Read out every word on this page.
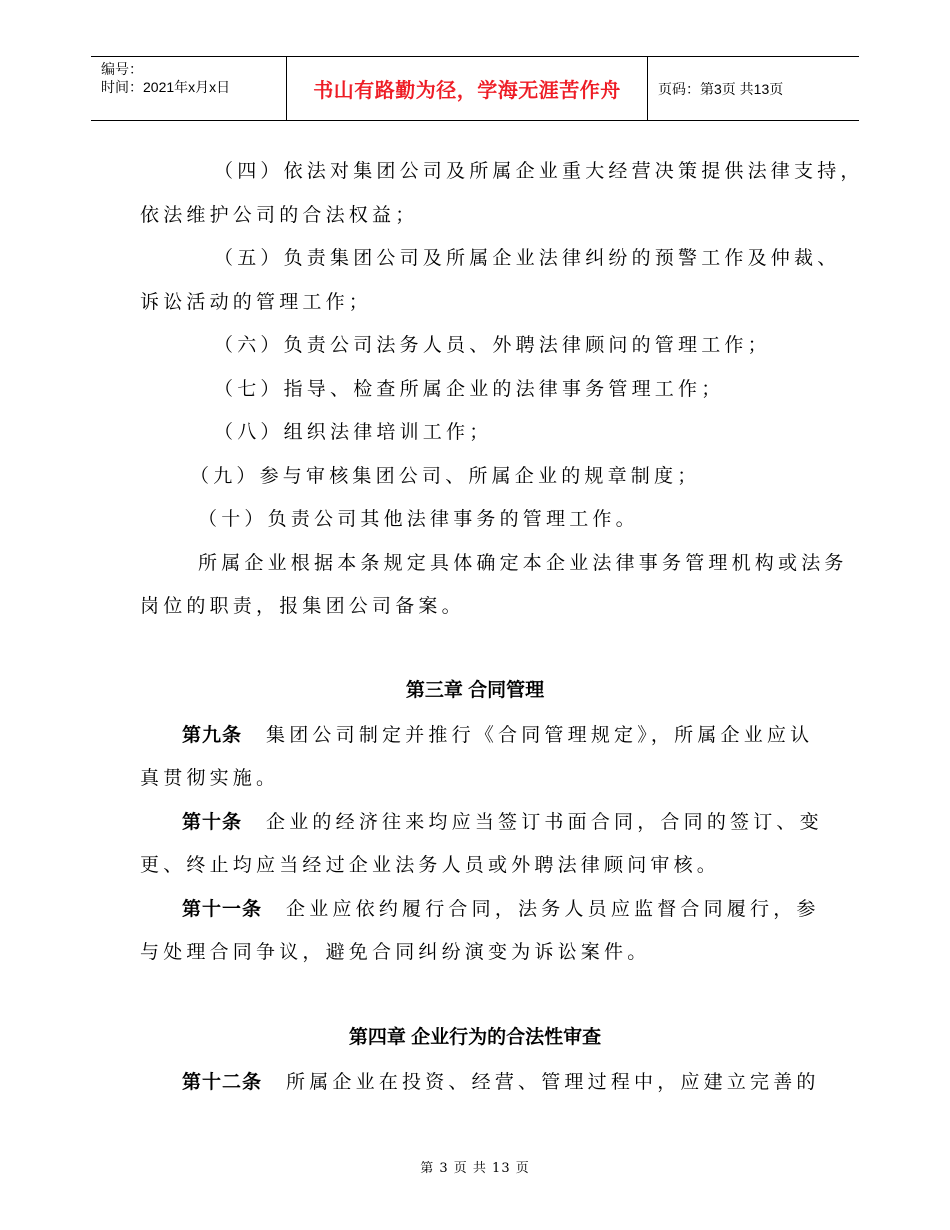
编号：
时间：2021年x月x日	书山有路勤为径，学海无涯苦作舟	页码：第3页 共13页
（四）依法对集团公司及所属企业重大经营决策提供法律支持，
依法维护公司的合法权益；
（五）负责集团公司及所属企业法律纠纷的预警工作及仲裁、
诉讼活动的管理工作；
（六）负责公司法务人员、外聘法律顾问的管理工作；
（七）指导、检查所属企业的法律事务管理工作；
（八）组织法律培训工作；
（九）参与审核集团公司、所属企业的规章制度；
（十）负责公司其他法律事务的管理工作。
所属企业根据本条规定具体确定本企业法律事务管理机构或法务
岗位的职责，报集团公司备案。
第三章 合同管理
第九条 集团公司制定并推行《合同管理规定》，所属企业应认
真贯彻实施。
第十条 企业的经济往来均应当签订书面合同，合同的签订、变
更、终止均应当经过企业法务人员或外聘法律顾问审核。
第十一条 企业应依约履行合同，法务人员应监督合同履行，参
与处理合同争议，避免合同纠纷演变为诉讼案件。
第四章 企业行为的合法性审查
第十二条 所属企业在投资、经营、管理过程中，应建立完善的
第 3 页 共 13 页
